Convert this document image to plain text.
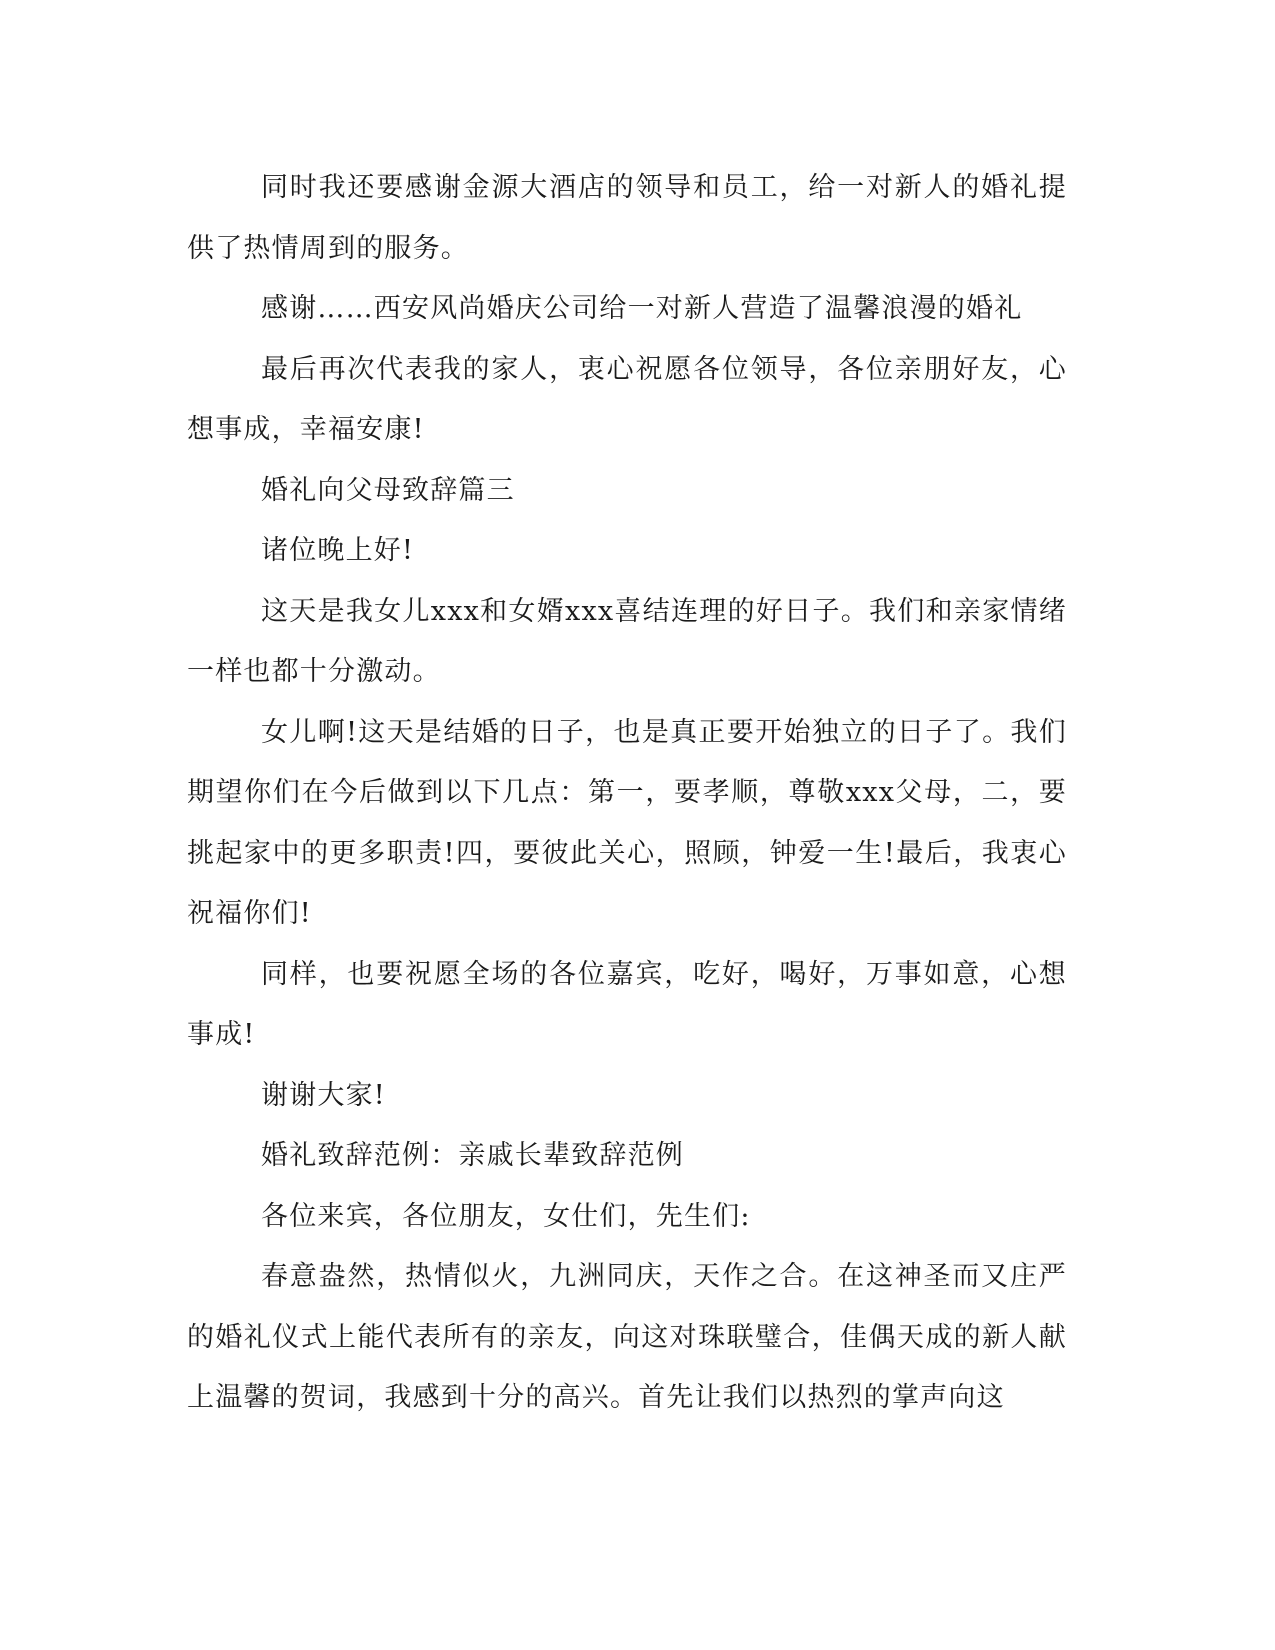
同时我还要感谢金源大酒店的领导和员工，给一对新人的婚礼提供了热情周到的服务。

感谢……西安风尚婚庆公司给一对新人营造了温馨浪漫的婚礼

最后再次代表我的家人，衷心祝愿各位领导，各位亲朋好友，心想事成，幸福安康!

婚礼向父母致辞篇三

诸位晚上好!

这天是我女儿xxx和女婿xxx喜结连理的好日子。我们和亲家情绪一样也都十分激动。

女儿啊!这天是结婚的日子，也是真正要开始独立的日子了。我们期望你们在今后做到以下几点：第一，要孝顺，尊敬xxx父母，二，要挑起家中的更多职责!四，要彼此关心，照顾，钟爱一生!最后，我衷心祝福你们!

同样，也要祝愿全场的各位嘉宾，吃好，喝好，万事如意，心想事成!

谢谢大家!

婚礼致辞范例：亲戚长辈致辞范例

各位来宾，各位朋友，女仕们，先生们:

春意盎然，热情似火，九洲同庆，天作之合。在这神圣而又庄严的婚礼仪式上能代表所有的亲友，向这对珠联璧合，佳偶天成的新人献上温馨的贺词，我感到十分的高兴。首先让我们以热烈的掌声向这
